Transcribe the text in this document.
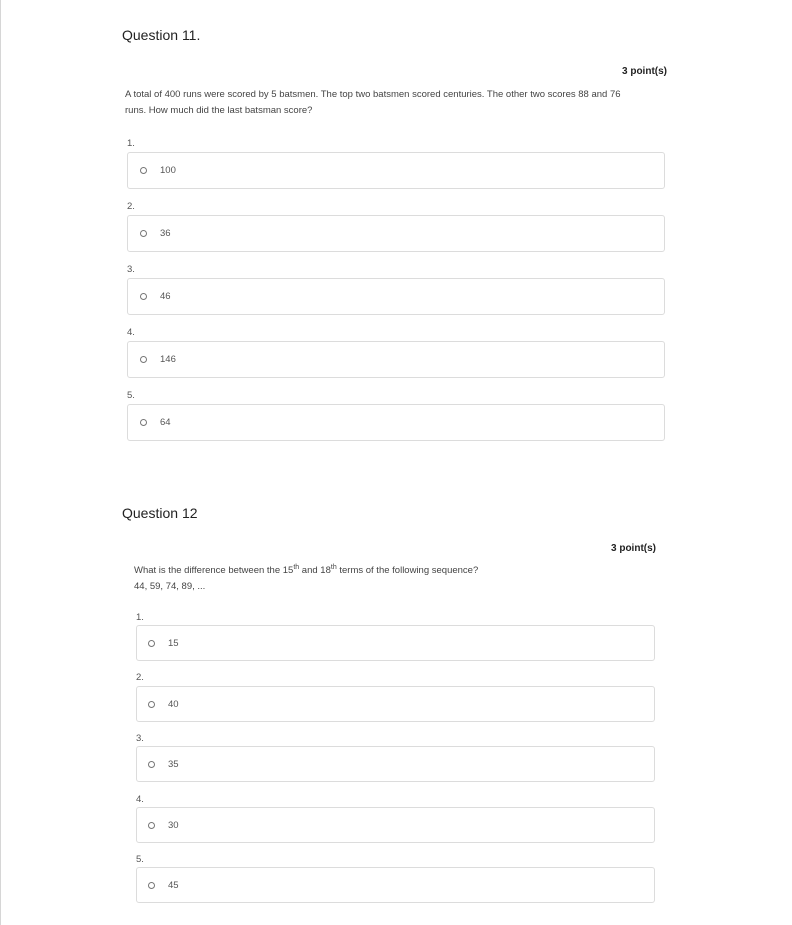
Question 11.
3 point(s)
A total of 400 runs were scored by 5 batsmen. The top two batsmen scored centuries. The other two scores 88 and 76
runs. How much did the last batsman score?
1.
100
2.
36
3.
46
4.
146
5.
64
Question 12
3 point(s)
What is the difference between the 15th and 18th terms of the following sequence?
44, 59, 74, 89, ...
1.
15
2.
40
3.
35
4.
30
5.
45
